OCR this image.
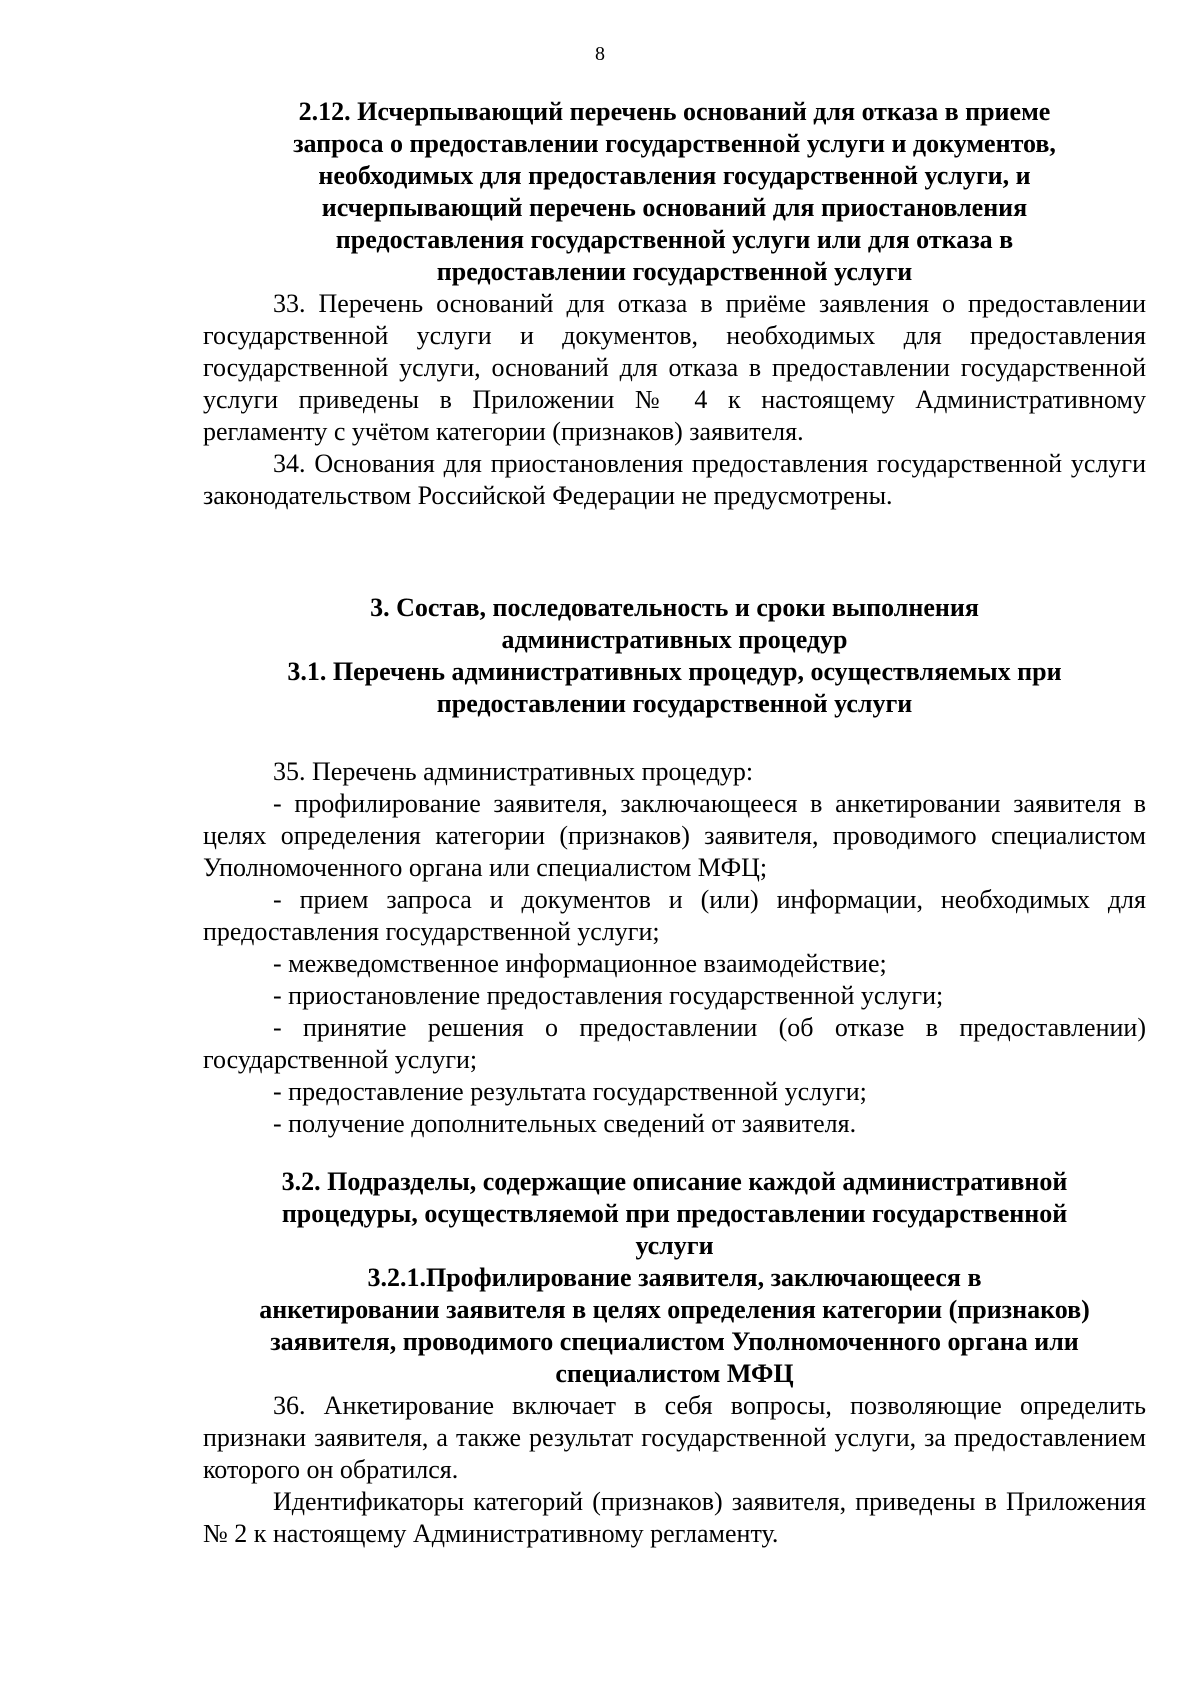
8
2.12. Исчерпывающий перечень оснований для отказа в приеме
запроса о предоставлении государственной услуги и документов,
необходимых для предоставления государственной услуги, и
исчерпывающий перечень оснований для приостановления
предоставления государственной услуги или для отказа в
предоставлении государственной услуги

33. Перечень оснований для отказа в приёме заявления о предоставлении государственной услуги и документов, необходимых для предоставления государственной услуги, оснований для отказа в предоставлении государственной услуги приведены в Приложении № 4 к настоящему Административному регламенту с учётом категории (признаков) заявителя.

34. Основания для приостановления предоставления государственной услуги законодательством Российской Федерации не предусмотрены.

3. Состав, последовательность и сроки выполнения
административных процедур
3.1. Перечень административных процедур, осуществляемых при
предоставлении государственной услуги

35. Перечень административных процедур:

- профилирование заявителя, заключающееся в анкетировании заявителя в целях определения категории (признаков) заявителя, проводимого специалистом Уполномоченного органа или специалистом МФЦ;

- прием запроса и документов и (или) информации, необходимых для предоставления государственной услуги;

- межведомственное информационное взаимодействие;

- приостановление предоставления государственной услуги;

- принятие решения о предоставлении (об отказе в предоставлении) государственной услуги;

- предоставление результата государственной услуги;

- получение дополнительных сведений от заявителя.

3.2. Подразделы, содержащие описание каждой административной
процедуры, осуществляемой при предоставлении государственной
услуги
3.2.1.Профилирование заявителя, заключающееся в
анкетировании заявителя в целях определения категории (признаков)
заявителя, проводимого специалистом Уполномоченного органа или
специалистом МФЦ

36. Анкетирование включает в себя вопросы, позволяющие определить признаки заявителя, а также результат государственной услуги, за предоставлением которого он обратился.

Идентификаторы категорий (признаков) заявителя, приведены в Приложения № 2 к настоящему Административному регламенту.
